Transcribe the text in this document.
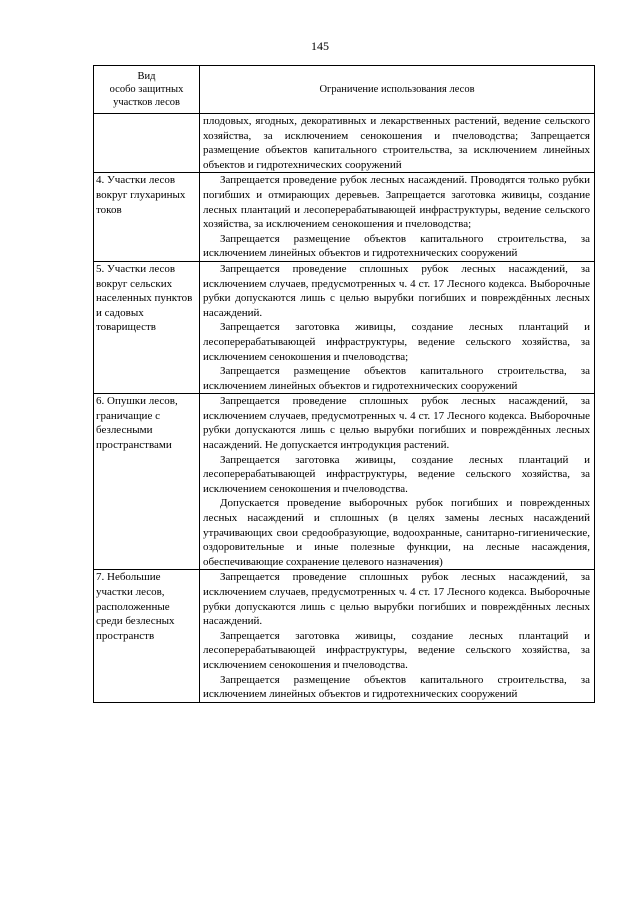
145
Вид
особо защитных
участков лесов	Ограничение использования лесов

	плодовых, ягодных, декоративных и лекарственных растений, ведение сельского хозяйства, за исключением сенокошения и пчеловодства; Запрещается размещение объектов капитального строительства, за исключением линейных объектов и гидротехнических сооружений

4. Участки лесов вокруг глухариных токов	Запрещается проведение рубок лесных насаждений. Проводятся только рубки погибших и отмирающих деревьев. Запрещается заготовка живицы, создание лесных плантаций и лесоперерабатывающей инфраструктуры, ведение сельского хозяйства, за исключением сенокошения и пчеловодства;

Запрещается размещение объектов капитального строительства, за исключением линейных объектов и гидротехнических сооружений

5. Участки лесов вокруг сельских населенных пунктов и садовых товариществ	Запрещается проведение сплошных рубок лесных насаждений, за исключением случаев, предусмотренных ч. 4 ст. 17 Лесного кодекса. Выборочные рубки допускаются лишь с целью вырубки погибших и повреждённых лесных насаждений.

Запрещается заготовка живицы, создание лесных плантаций и лесоперерабатывающей инфраструктуры, ведение сельского хозяйства, за исключением сенокошения и пчеловодства;

Запрещается размещение объектов капитального строительства, за исключением линейных объектов и гидротехнических сооружений

6. Опушки лесов, граничащие с безлесными пространствами	Запрещается проведение сплошных рубок лесных насаждений, за исключением случаев, предусмотренных ч. 4 ст. 17 Лесного кодекса. Выборочные рубки допускаются лишь с целью вырубки погибших и повреждённых лесных насаждений. Не допускается интродукция растений.

Запрещается заготовка живицы, создание лесных плантаций и лесоперерабатывающей инфраструктуры, ведение сельского хозяйства, за исключением сенокошения и пчеловодства.

Допускается проведение выборочных рубок погибших и поврежденных лесных насаждений и сплошных (в целях замены лесных насаждений утрачивающих свои средообразующие, водоохранные, санитарно-гигиенические, оздоровительные и иные полезные функции, на лесные насаждения, обеспечивающие сохранение целевого назначения)

7. Небольшие участки лесов, расположенные среди безлесных пространств	Запрещается проведение сплошных рубок лесных насаждений, за исключением случаев, предусмотренных ч. 4 ст. 17 Лесного кодекса. Выборочные рубки допускаются лишь с целью вырубки погибших и повреждённых лесных насаждений.

Запрещается заготовка живицы, создание лесных плантаций и лесоперерабатывающей инфраструктуры, ведение сельского хозяйства, за исключением сенокошения и пчеловодства.

Запрещается размещение объектов капитального строительства, за исключением линейных объектов и гидротехнических сооружений
